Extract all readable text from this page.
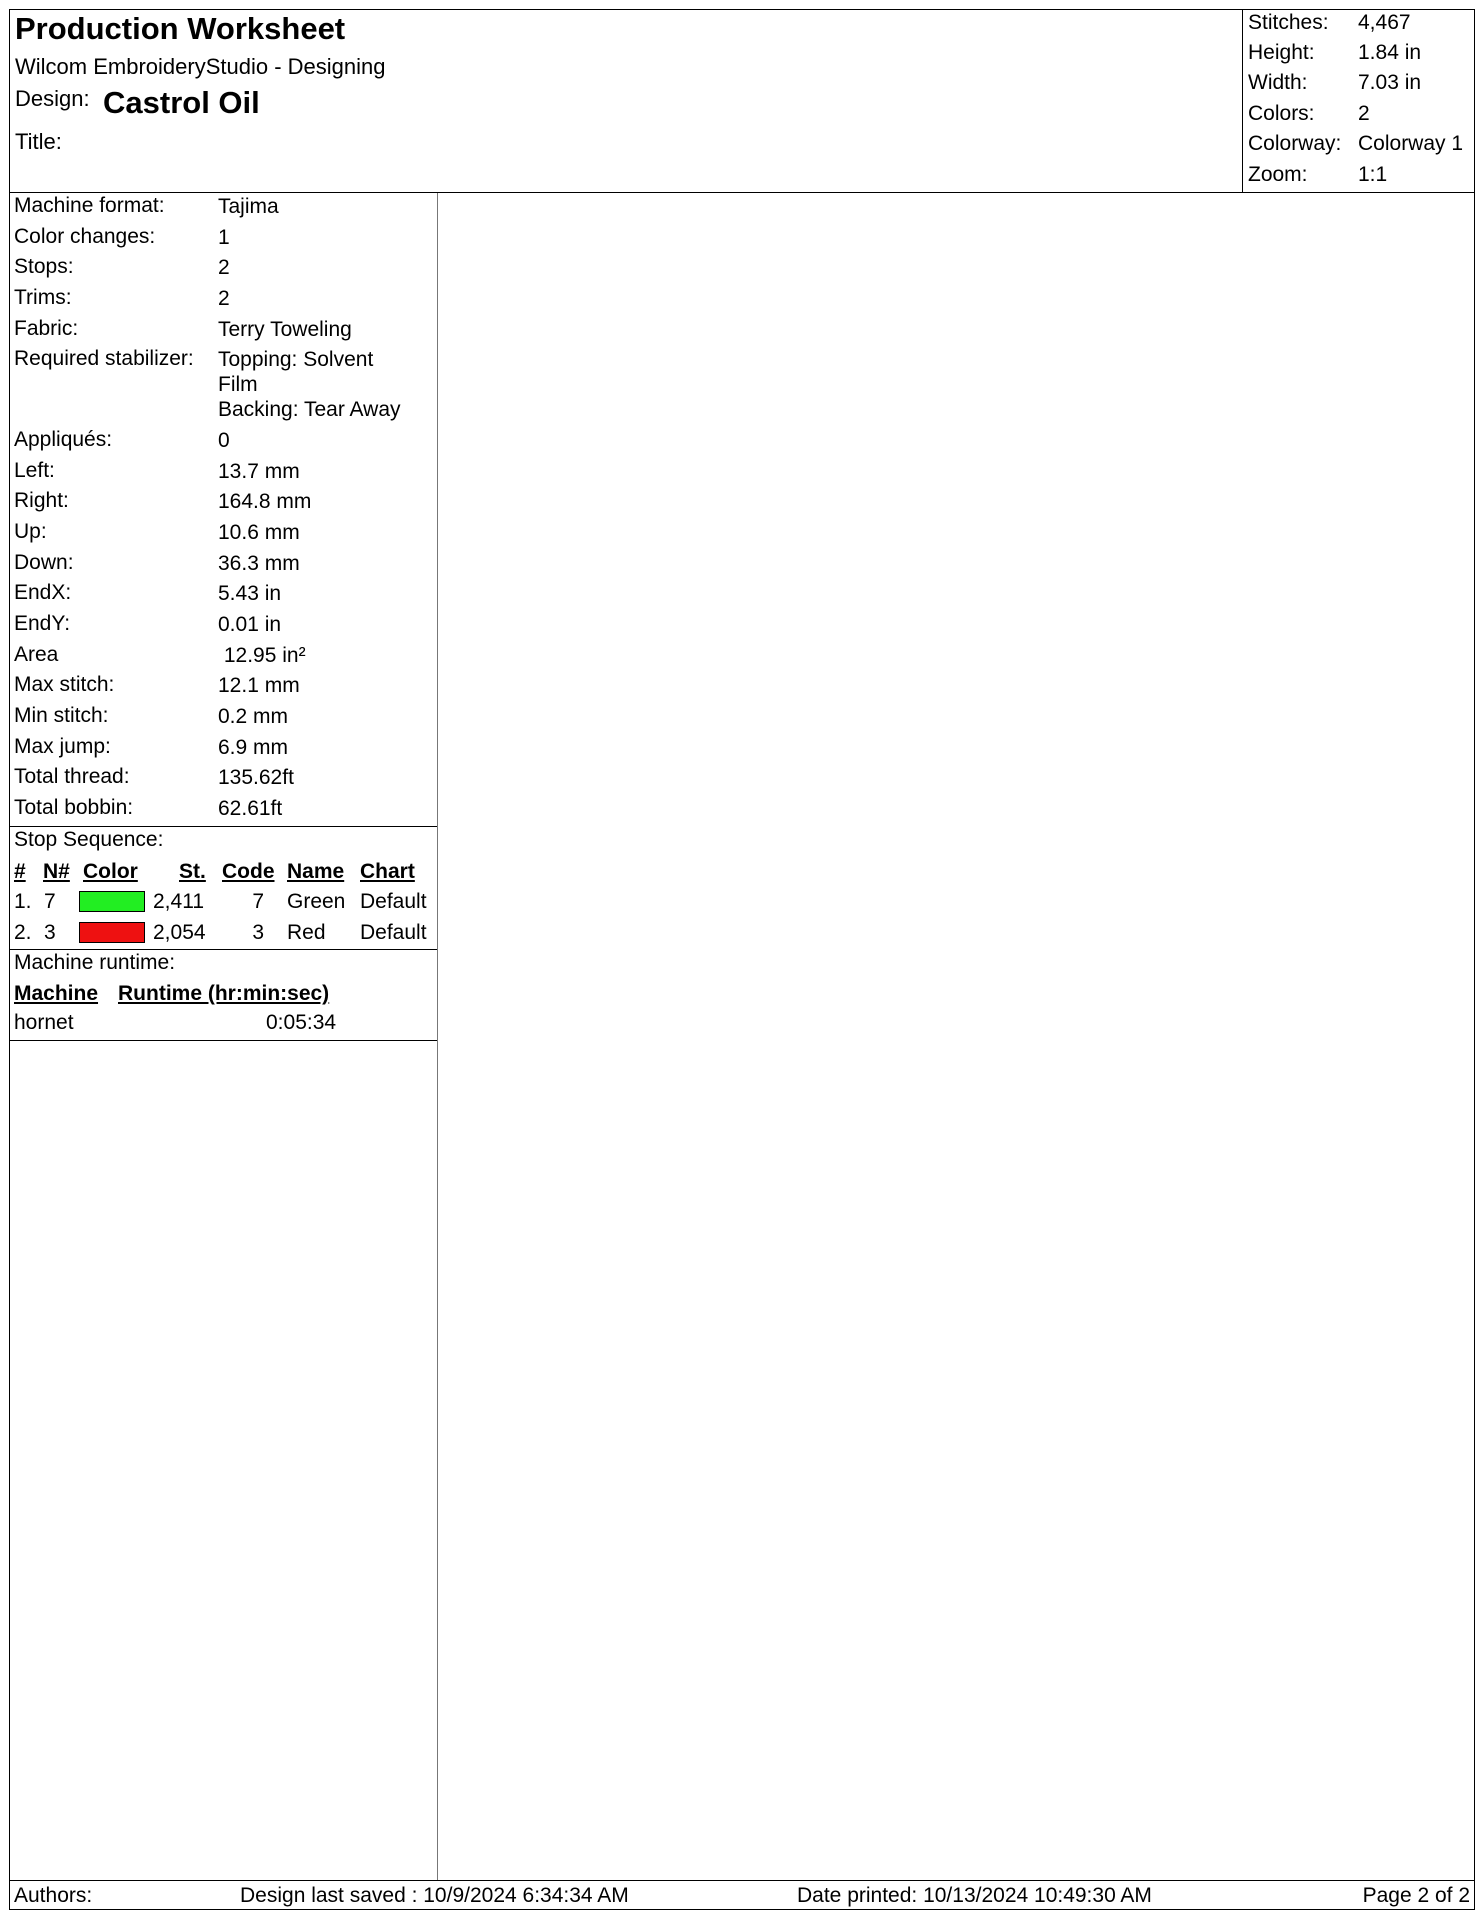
Production Worksheet
Wilcom EmbroideryStudio - Designing
Design: Castrol Oil
Title:
Stitches: 4,467
Height: 1.84 in
Width: 7.03 in
Colors: 2
Colorway: Colorway 1
Zoom: 1:1
Machine format:	Tajima
Color changes:	1
Stops:	2
Trims:	2
Fabric:	Terry Toweling
Required stabilizer: Topping: Solvent
Film
Backing: Tear Away
Appliqués:	0
Left:	13.7 mm
Right:	164.8 mm
Up:	10.6 mm
Down:	36.3 mm
EndX:	5.43 in
EndY:	0.01 in
Area	12.95 in²
Max stitch:	12.1 mm
Min stitch:	0.2 mm
Max jump:	6.9 mm
Total thread:	135.62ft
Total bobbin:	62.61ft
Stop Sequence:
# N# Color St. Code Name Chart
1. 7	2,411	7 Green Default
2. 3	2,054	3 Red Default
Machine runtime:
Machine Runtime (hr:min:sec)
hornet	0:05:34
Authors:	Design last saved : 10/9/2024 6:34:34 AM	Date printed: 10/13/2024 10:49:30 AM	Page 2 of 2
